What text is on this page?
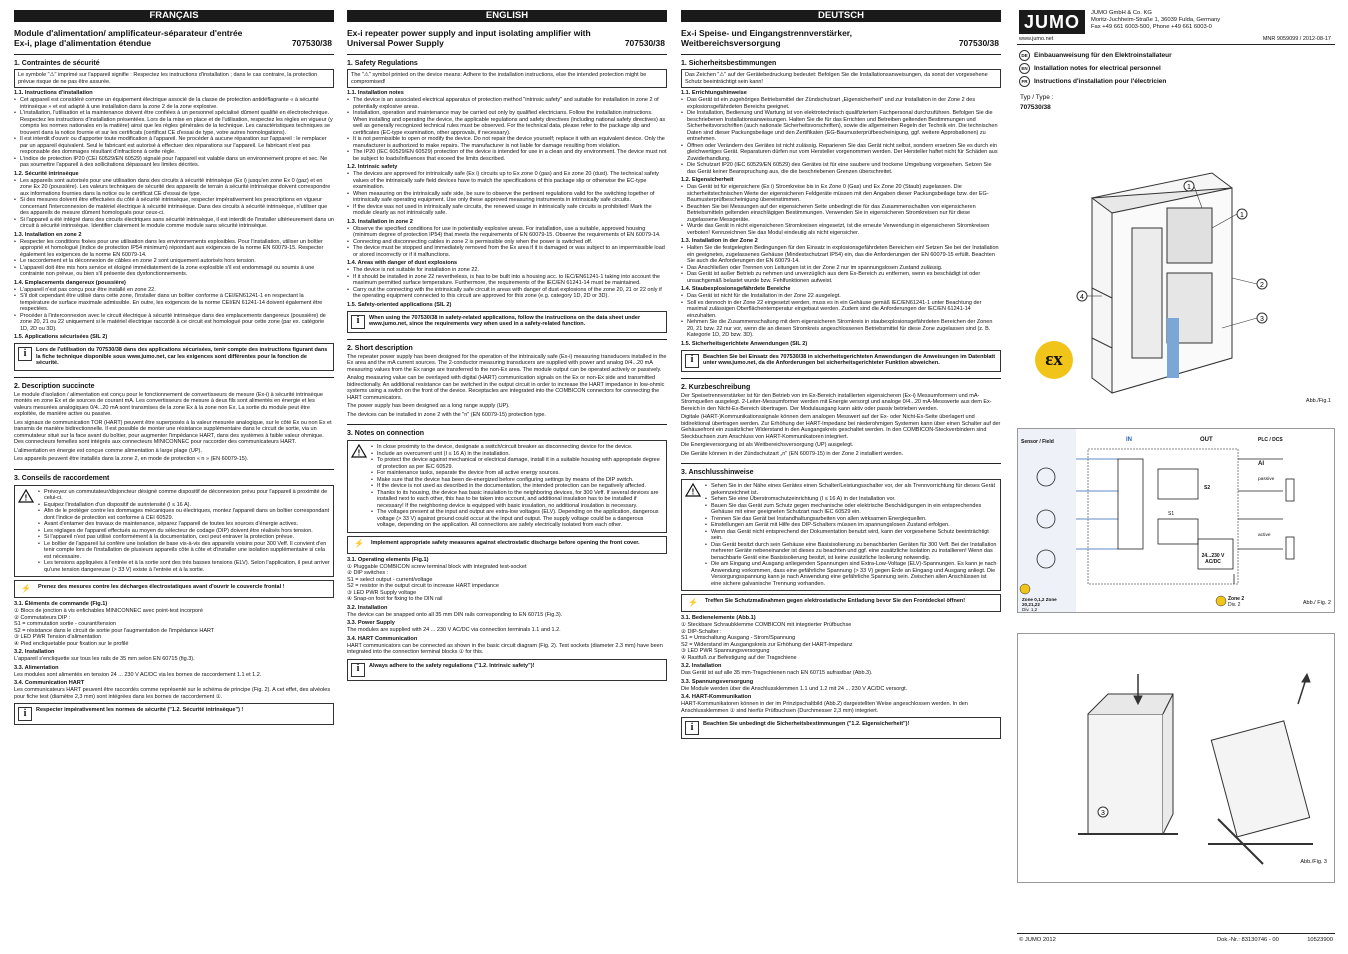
FRANÇAIS
Module d'alimentation/ amplificateur-séparateur d'entrée Ex-i, plage d'alimentation étendue	707530/38
1. Contraintes de sécurité
Le symbole "⚠" imprimé sur l'appareil signifie : Respectez les instructions d'installation ; dans le cas contraire, la protection prévue risque de ne pas être assurée.
1.1. Instructions d'installation
• Cet appareil est considéré comme un équipement électrique associé de la classe de protection antidéflagrante « à sécurité intrinsèque » et est adapté à une installation dans la zone 2 de la zone explosive.
• L'installation, l'utilisation et la maintenance doivent être confiées à un personnel spécialisé dûment qualifié en électrotechnique. Respectez les instructions d'installation présentées. Lors de la mise en place et de l'utilisation, respectez les règles en vigueur (y compris les normes nationales en la matière) ainsi que les règles générales de la technique. Les caractéristiques techniques se trouvent dans la notice fournie et sur les certificats (certificat CE d'essai de type, votre autres homologations).
• Il est interdit d'ouvrir ou d'apporter toute modification à l'appareil. Ne procéder à aucune réparation sur l'appareil : le remplacer par un appareil équivalent. Seul le fabricant est autorisé à effectuer des réparations sur l'appareil. Le fabricant n'est pas responsable des dommages résultant d'infractions à cette règle.
• L'indice de protection IP20 (CEI 60529/EN 60529) signalé pour l'appareil est valable dans un environnement propre et sec. Ne pas soumettre l'appareil à des sollicitations dépassant les limites décrites.
1.2. Sécurité intrinsèque
• Les appareils sont autorisés pour une utilisation dans des circuits à sécurité intrinsèque (Ex i) jusqu'en zone Ex 0 (gaz) et en zone Ex 20 (poussière). Les valeurs techniques de sécurité des appareils de terrain à sécurité intrinsèque doivent correspondre aux informations fournies dans la notice ou le certificat CE d'essai de type.
• Si des mesures doivent être effectuées du côté à sécurité intrinsèque, respecter impérativement les prescriptions en vigueur concernant l'interconnexion de matériel électrique à sécurité intrinsèque. Dans des circuits à sécurité intrinsèque, n'utiliser que des appareils de mesure dûment homologués pour ceux-ci.
• Si l'appareil a été intégré dans des circuits électriques sans sécurité intrinsèque, il est interdit de l'installer ultérieurement dans un circuit à sécurité intrinsèque. Identifier clairement le module comme module sans sécurité intrinsèque.
1.3. Installation en zone 2
• Respecter les conditions fixées pour une utilisation dans les environnements explosibles. Pour l'installation, utiliser un boîtier approprié et homologué (indice de protection IP54 minimum) répondant aux exigences de la norme EN 60079-15. Respecter également les exigences de la norme EN 60079-14.
• Le raccordement et la déconnexion de câbles en zone 2 sont uniquement autorisés hors tension.
• L'appareil doit être mis hors service et éloigné immédiatement de la zone explosible s'il est endommagé ou soumis à une contrainte non prévue, ou bien s'il présente des dysfonctionnements.
1.4. Emplacements dangereux (poussière)
• L'appareil n'est pas conçu pour être installé en zone 22.
• S'il doit cependant être utilisé dans cette zone, l'installer dans un boîtier conforme à CEI/EN61241-1 en respectant la température de surface maximale admissible. En outre, les exigences de la norme CEI/EN 61241-14 doivent également être respectées.
• Procéder à l'interconnexion avec le circuit électrique à sécurité intrinsèque dans des emplacements dangereux (poussière) de zone 20, 21 ou 22 uniquement si le matériel électrique raccordé à ce circuit est homologué pour cette zone (par ex. catégorie 1D, 2D ou 3D).
1.5. Applications sécurisées (SIL 2)
i	Lors de l'utilisation du 707530/38 dans des applications sécurisées, tenir compte des instructions figurant dans la fiche technique disponible sous www.jumo.net, car les exigences sont différentes pour la fonction de sécurité.
2. Description succincte
Le module d'isolation / alimentation est conçu pour le fonctionnement de convertisseurs de mesure (Ex-i) à sécurité intrinsèque montés en zone Ex et de sources de courant mA. Les convertisseurs de mesure à deux fils sont alimentés en énergie et les valeurs mesurées analogiques 0/4...20 mA sont transmises de la zone Ex à la zone non Ex. La sortie du module peut être exploitée, de manière active ou passive.
Les signaux de communication TOR (HART) peuvent être superposés à la valeur mesurée analogique, sur le côté Ex ou non Ex et transmis de manière bidirectionnelle. Il est possible de monter une résistance supplémentaire dans le circuit de sortie, via un commutateur situé sur la face avant du boîtier, pour augmenter l'impédance HART, dans des systèmes à faible valeur ohmique. Des connecteurs femelles sont intégrés aux connecteurs MINICONNEC pour raccorder des communicateurs HART.
L'alimentation en énergie est conçue comme alimentation à large plage (UP).
Les appareils peuvent être installés dans la zone 2, en mode de protection « n » (EN 60079-15).
3. Conseils de raccordement
!
• Prévoyez un commutateur/disjoncteur désigné comme dispositif de déconnexion prévu pour l'appareil à proximité de celui-ci.
• Equipez l'installation d'un dispositif de surintensité (I ≤ 16 A).
• Afin de le protéger contre les dommages mécaniques ou électriques, montez l'appareil dans un boîtier correspondant dont l'indice de protection est conforme à CEI 60529.
• Avant d'entamer des travaux de maintenance, séparez l'appareil de toutes les sources d'énergie actives.
• Les réglages de l'appareil effectués au moyen du sélecteur de codage (DIP) doivent être réalisés hors tension.
• Si l'appareil n'est pas utilisé conformément à la documentation, ceci peut entraver la protection prévue.
• Le boîtier de l'appareil lui confère une isolation de base vis-à-vis des appareils voisins pour 300 Veff. Il convient d'en tenir compte lors de l'installation de plusieurs appareils côte à côte et d'installer une isolation supplémentaire si cela est nécessaire.
• Les tensions appliquées à l'entrée et à la sortie sont des très basses tensions (ELV). Selon l'application, il peut arriver qu'une tension dangereuse (> 33 V) existe à l'entrée et à la sortie.
⚡	Prenez des mesures contre les décharges électrostatiques avant d'ouvrir le couvercle frontal !
3.1. Éléments de commande (Fig.1)
① Blocs de jonction à vis enfichables MINICONNEC avec point-test incorporé
② Commutateurs DIP :
S1 = commutation sortie - courant/tension
S2 = résistance dans le circuit de sortie pour l'augmentation de l'impédance HART
③ LED PWR Tension d'alimentation
④ Pied encliquetable pour fixation sur le profilé
3.2. Installation
L'appareil s'encliquette sur tous les rails de 35 mm selon EN 60715 (fig.3).
3.3. Alimentation
Les modules sont alimentés en tension 24 ... 230 V AC/DC via les bornes de raccordement 1.1 et 1.2.
3.4. Communication HART
Les communicateurs HART peuvent être raccordés comme représenté sur le schéma de principe (Fig. 2). A cet effet, des alvéoles pour fiche test (diamètre 2,3 mm) sont intégrées dans les bornes de raccordement ①.
i	Respecter impérativement les normes de sécurité ("1.2. Sécurité intrinsèque") !
ENGLISH
Ex-i repeater power supply and input isolating amplifier with Universal Power Supply	707530/38
1. Safety Regulations
The "⚠" symbol printed on the device means: Adhere to the installation instructions, else the intended protection might be compromised!
1.1. Installation notes
• The device is an associated electrical apparatus of protection method "intrinsic safety" and suitable for installation in zone 2 of potentially explosive areas.
• Installation, operation and maintenance may be carried out only by qualified electricians. Follow the installation instructions. When installing and operating the device, the applicable regulations and safety directives (including national safety directives) as well as generally recognized technical rules must be observed. For the technical data, please refer to the package slip and certificates (EC-type examination, other approvals, if necessary).
• It is not permissible to open or modify the device. Do not repair the device yourself; replace it with an equivalent device. Only the manufacturer is authorized to make repairs. The manufacturer is not liable for damage resulting from violation.
• The IP20 (IEC 60529/EN 60529) protection of the device is intended for use in a clean and dry environment. The device must not be subject to loads/influences that exceed the limits described.
1.2. Intrinsic safety
• The devices are approved for intrinsically safe (Ex i) circuits up to Ex zone 0 (gas) and Ex zone 20 (dust). The technical safety values of the intrinsically safe field devices have to match the specifications of this package slip or otherwise the EC-type examination.
• When measuring on the intrinsically safe side, be sure to observe the pertinent regulations valid for the switching together of intrinsically safe operating equipment. Use only these approved measuring instruments in intrinsically safe circuits.
• If the device was not used in intrinsically safe circuits, the renewed usage in intrinsically safe circuits is prohibited! Mark the module clearly as not intrinsically safe.
1.3. Installation in zone 2
• Observe the specified conditions for use in potentially explosive areas. For installation, use a suitable, approved housing (minimum degree of protection IP54) that meets the requirements of EN 60079-15. Observe the requirements of EN 60079-14.
• Connecting and disconnecting cables in zone 2 is permissible only when the power is switched off.
• The device must be stopped and immediately removed from the Ex area if it is damaged or was subject to an impermissible load or stored incorrectly or if it malfunctions.
1.4. Areas with danger of dust explosions
• The device is not suitable for installation in zone 22.
• If it should be installed in zone 22 nevertheless, is has to be built into a housing acc. to IEC/EN61241-1 taking into account the maximum permitted surface temperature. Furthermore, the requirements of the IEC/EN 61241-14 must be maintained.
• Carry out the connecting with the intrinsically safe circuit in areas with danger of dust explosions of the zone 20, 21 or 22 only if the operating equipment connected to this circuit are approved for this zone (e.g. category 1D, 2D or 3D).
1.5. Safety-oriented applications (SIL 2)
i	When using the 707530/38 in safety-related applications, follow the instructions on the data sheet under www.jumo.net, since the requirements vary when used in a safety-related function.
2. Short description
The repeater power supply has been designed for the operation of the intrinsically safe (Ex-i) measuring transducers installed in the Ex area and the mA current sources. The 2-conductor measuring transducers are supplied with power and analog 0/4...20 mA measuring values from the Ex range are transferred to the non-Ex area. The module output can be operated actively or passively.
Analog measuring value can be overlayed with digital (HART) communication signals on the Ex or non-Ex side and transmitted bidirectionally. An additional resistance can be switched in the output circuit in order to increase the HART impedance in low-ohmic systems using a switch on the front of the device. Receptacles are integrated into the COMBICON connectors for connecting the HART communicators.
The power supply has been designed as a long range supply (UP).
The devices can be installed in zone 2 with the "n" (EN 60079-15) protection type.
3. Notes on connection
!
• In close proximity to the device, designate a switch/circuit breaker as disconnecting device for the device.
• Include an overcurrent unit (I ≤ 16 A) in the installation.
• To protect the device against mechanical or electrical damage, install it in a suitable housing with appropriate degree of protection as per IEC 60529.
• For maintenance tasks, separate the device from all active energy sources.
• Make sure that the device has been de-energized before configuring settings by means of the DIP switch.
• If the device is not used as described in the documentation, the intended protection can be negatively affected.
• Thanks to its housing, the device has basic insulation to the neighboring devices, for 300 Veff. If several devices are installed next to each other, this has to be taken into account, and additional insulation has to be installed if necessary! If the neighboring device is equipped with basic insulation, no additional insulation is necessary.
• The voltages present at the input and output are extra-low voltages (ELV). Depending on the application, dangerous voltage (> 33 V) against ground could occur at the input and output. The supply voltage could be a dangerous voltage, depending on the application. All connections are safely electrically isolated from each other.
⚡	Implement appropriate safety measures against electrostatic discharge before opening the front cover.
3.1. Operating elements (Fig.1)
① Pluggable COMBICON screw terminal block with integrated test-socket
② DIP switches :
S1 = select output - current/voltage
S2 = resistor in the output circuit to increase HART impedance
③ LED PWR Supply voltage
④ Snap-on foot for fixing to the DIN rail
3.2. Installation
The device can be snapped onto all 35 mm DIN rails corresponding to EN 60715 (Fig.3).
3.3. Power Supply
The modules are supplied with 24 ... 230 V AC/DC via connection terminals 1.1 and 1.2.
3.4. HART Communication
HART communicators can be connected as shown in the basic circuit diagram (Fig. 2). Test sockets (diameter 2.3 mm) have been integrated into the connection terminal blocks ① for this.
i	Always adhere to the safety regulations ("1.2. Intrinsic safety")!
DEUTSCH
Ex-i Speise- und Eingangstrennverstärker, Weitbereichsversorgung	707530/38
1. Sicherheitsbestimmungen
Das Zeichen "⚠" auf der Gerätebedruckung bedeutet: Befolgen Sie die Installationsanweisungen, da sonst der vorgesehene Schutz beeinträchtigt sein kann!
1.1. Errichtungshinweise
• Das Gerät ist ein zugehöriges Betriebsmittel der Zündschutzart „Eigensicherheit" und zur Installation in der Zone 2 des explosionsgefährdeten Bereichs geeignet.
• Die Installation, Bedienung und Wartung ist von elektrotechnisch qualifiziertem Fachpersonal durchzuführen. Befolgen Sie die beschriebenen Installationsanweisungen. Halten Sie die für das Errichten und Betreiben geltenden Bestimmungen und Sicherheitsvorschriften (auch nationale Sicherheitsvorschriften), sowie die allgemeinen Regeln der Technik ein. Die technischen Daten sind dieser Packungsbeilage und den Zertifikaten (EG-Baumusterprüfbescheinigung, ggf. weitere Approbationen) zu entnehmen.
• Öffnen oder Verändern des Gerätes ist nicht zulässig. Reparieren Sie das Gerät nicht selbst, sondern ersetzen Sie es durch ein gleichwertiges Gerät. Reparaturen dürfen nur vom Hersteller vorgenommen werden. Der Hersteller haftet nicht für Schäden aus Zuwiderhandlung.
• Die Schutzart IP20 (IEC 60529/EN 60529) des Gerätes ist für eine saubere und trockene Umgebung vorgesehen. Setzen Sie das Gerät keiner Beanspruchung aus, die die beschriebenen Grenzen überschreitet.
1.2. Eigensicherheit
• Das Gerät ist für eigensichere (Ex i) Stromkreise bis in Ex Zone 0 (Gas) und Ex Zone 20 (Staub) zugelassen. Die sicherheitstechnischen Werte der eigensicheren Feldgeräte müssen mit den Angaben dieser Packungsbeilage bzw. der EG-Baumusterprüfbescheinigung übereinstimmen.
• Beachten Sie bei Messungen auf der eigensicheren Seite unbedingt die für das Zusammenschalten von eigensicheren Betriebsmitteln geltenden einschlägigen Bestimmungen. Verwenden Sie in eigensicheren Stromkreisen nur für diese zugelassene Messgeräte.
• Wurde das Gerät in nicht eigensicheren Stromkreisen eingesetzt, ist die erneute Verwendung in eigensicheren Stromkreisen verboten! Kennzeichnen Sie das Modul eindeutig als nicht eigensicher.
1.3. Installation in der Zone 2
• Halten Sie die festgelegten Bedingungen für den Einsatz in explosionsgefährdeten Bereichen ein! Setzen Sie bei der Installation ein geeignetes, zugelassenes Gehäuse (Mindestschutzart IP54) ein, das die Anforderungen der EN 60079-15 erfüllt. Beachten Sie auch die Anforderungen der EN 60079-14.
• Das Anschließen oder Trennen von Leitungen ist in der Zone 2 nur im spannungslosen Zustand zulässig.
• Das Gerät ist außer Betrieb zu nehmen und unverzüglich aus dem Ex-Bereich zu entfernen, wenn es beschädigt ist oder unsachgemäß belastet wurde bzw. Fehlfunktionen aufweist.
1.4. Staubexplosionsgefährdete Bereiche
• Das Gerät ist nicht für die Installation in der Zone 22 ausgelegt.
• Soll es dennoch in der Zone 22 eingesetzt werden, muss es in ein Gehäuse gemäß IEC/EN61241-1 unter Beachtung der maximal zulässigen Oberflächentemperatur eingebaut werden. Zudem sind die Anforderungen der IEC/EN 61241-14 einzuhalten.
• Nehmen Sie die Zusammenschaltung mit dem eigensicheren Stromkreis in staubexplosionsgefährdeten Bereichen der Zonen 20, 21 bzw. 22 nur vor, wenn die an diesen Stromkreis angeschlossenen Betriebsmittel für diese Zone zugelassen sind (z. B. Kategorie 1D, 2D bzw. 3D).
1.5. Sicherheitsgerichtete Anwendungen (SIL 2)
i	Beachten Sie bei Einsatz des 707530/38 in sicherheitsgerichteten Anwendungen die Anweisungen im Datenblatt unter www.jumo.net, da die Anforderungen bei sicherheitsgerichteter Funktion abweichen.
2. Kurzbeschreibung
Der Speisetrennverstärker ist für den Betrieb von im Ex-Bereich installierten eigensicheren (Ex-i) Messumformern und mA-Stromquellen ausgelegt. 2-Leiter-Messumformer werden mit Energie versorgt und analoge 0/4...20 mA-Messwerte aus dem Ex-Bereich in den Nicht-Ex-Bereich übertragen. Der Modulausgang kann aktiv oder passiv betrieben werden.
Digitale (HART-)Kommunikationssignale können dem analogen Messwert auf der Ex- oder Nicht-Ex-Seite überlagert und bidirektional übertragen werden. Zur Erhöhung der HART-Impedanz bei niederohmigen Systemen kann über einen Schalter auf der Gehäusefront ein zusätzlicher Widerstand in den Ausgangskreis geschaltet werden. In den COMBICON-Steckverbindern sind Steckbuchsen zum Anschluss von HART-Kommunikatoren integriert.
Die Energieversorgung ist als Weitbereichsversorgung (UP) ausgelegt.
Die Geräte können in der Zündschutzart „n" (EN 60079-15) in der Zone 2 installiert werden.
3. Anschlusshinweise
!
• Sehen Sie in der Nähe eines Gerätes einen Schalter/Leistungsschalter vor, der als Trennvorrichtung für dieses Gerät gekennzeichnet ist.
• Sehen Sie eine Überstromschutzeinrichtung (I ≤ 16 A) in der Installation vor.
• Bauen Sie das Gerät zum Schutz gegen mechanische oder elektrische Beschädigungen in ein entsprechendes Gehäuse mit einer geeigneten Schutzart nach IEC 60529 ein.
• Trennen Sie das Gerät bei Instandhaltungsarbeiten von allen wirksamen Energiequellen.
• Einstellungen am Gerät mit Hilfe des DIP-Schalters müssen im spannungslosen Zustand erfolgen.
• Wenn das Gerät nicht entsprechend der Dokumentation benutzt wird, kann der vorgesehene Schutz beeinträchtigt sein.
• Das Gerät besitzt durch sein Gehäuse eine Basisisolierung zu benachbarten Geräten für 300 Veff. Bei der Installation mehrerer Geräte nebeneinander ist dieses zu beachten und ggf. eine zusätzliche Isolation zu installieren! Wenn das benachbarte Gerät eine Basisisolierung besitzt, ist keine zusätzliche Isolierung notwendig.
• Die am Eingang und Ausgang anliegenden Spannungen sind Extra-Low-Voltage (ELV)-Spannungen. Es kann je nach Anwendung vorkommen, dass eine gefährliche Spannung (> 33 V) gegen Erde an Eingang und Ausgang anliegt. Die Versorgungsspannung kann je nach Anwendung eine gefährliche Spannung sein. Zwischen allen Anschlüssen ist eine sichere galvanische Trennung vorhanden.
⚡	Treffen Sie Schutzmaßnahmen gegen elektrostatische Entladung bevor Sie den Frontdeckel öffnen!
3.1. Bedienelemente (Abb.1)
① Steckbare Schraubklemme COMBICON mit integrierter Prüfbuchse
② DIP-Schalter :
S1 = Umschaltung Ausgang - Strom/Spannung
S2 = Widerstand im Ausgangskreis zur Erhöhung der HART-Impedanz
③ LED PWR Spannungsversorgung
④ Rastfuß zur Befestigung auf der Tragschiene
3.2. Installation
Das Gerät ist auf alle 35 mm-Tragschienen nach EN 60715 aufrastbar (Abb.3).
3.3. Spannungsversorgung
Die Module werden über die Anschlussklemmen 1.1 und 1.2 mit 24 ... 230 V AC/DC versorgt.
3.4. HART-Kommunikation
HART-Kommunikatoren können in der im Prinzipschaltbild (Abb.2) dargestellten Weise angeschlossen werden. In den Anschlussklemmen ① sind hierfür Prüfbuchsen (Durchmesser 2,3 mm) integriert.
i	Beachten Sie unbedingt die Sicherheitsbestimmungen ("1.2. Eigensicherheit")!
JUMO
www.jumo.net
JUMO GmbH & Co. KG
Moritz-Juchheim-Straße 1, 36039 Fulda, Germany
Fax +49 661 6003-500, Phone +49 661 6003-0
MNR 9059099 / 2012-08-17
DE Einbauanweisung für den Elektroinstallateur
EN Installation notes for electrical personnel
FR	Instructions d'installation pour l'électricien
Typ / Type :
707530/38
1
1
2
3
4
εx
Abb./Fig.1
Sensor / Field	IN	OUT	PLC / DCS
AI
passive
active
S2
S1
24...230 V AC/DC
Zone 0,1,2 Zone 20,21,22
Div. 1,2
Zone 2
Div. 2	Abb./ Fig. 2
3
Abb./Fig. 3
© JUMO 2012	Dok.-Nr.: 83130746 - 00	10523900
